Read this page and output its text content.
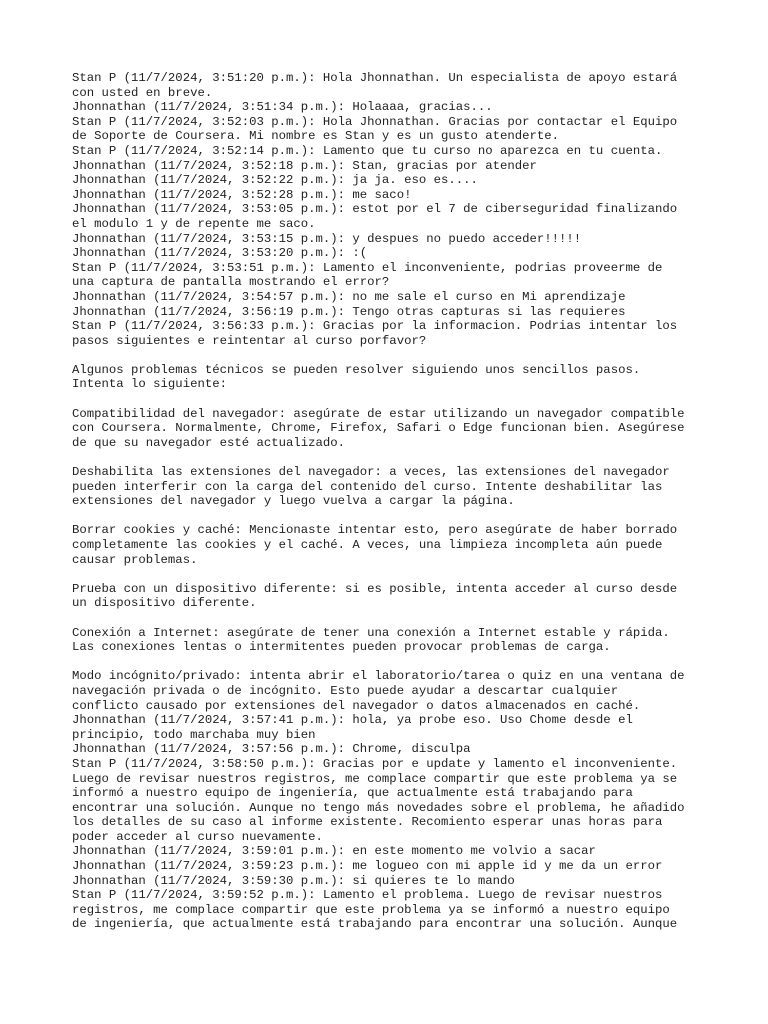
Stan P (11/7/2024, 3:51:20 p.m.): Hola Jhonnathan. Un especialista de apoyo estará
con usted en breve.
Jhonnathan (11/7/2024, 3:51:34 p.m.): Holaaaa, gracias...
Stan P (11/7/2024, 3:52:03 p.m.): Hola Jhonnathan. Gracias por contactar el Equipo
de Soporte de Coursera. Mi nombre es Stan y es un gusto atenderte.
Stan P (11/7/2024, 3:52:14 p.m.): Lamento que tu curso no aparezca en tu cuenta.
Jhonnathan (11/7/2024, 3:52:18 p.m.): Stan, gracias por atender
Jhonnathan (11/7/2024, 3:52:22 p.m.): ja ja. eso es....
Jhonnathan (11/7/2024, 3:52:28 p.m.): me saco!
Jhonnathan (11/7/2024, 3:53:05 p.m.): estot por el 7 de ciberseguridad finalizando
el modulo 1 y de repente me saco.
Jhonnathan (11/7/2024, 3:53:15 p.m.): y despues no puedo acceder!!!!!
Jhonnathan (11/7/2024, 3:53:20 p.m.): :(
Stan P (11/7/2024, 3:53:51 p.m.): Lamento el inconveniente, podrias proveerme de
una captura de pantalla mostrando el error?
Jhonnathan (11/7/2024, 3:54:57 p.m.): no me sale el curso en Mi aprendizaje
Jhonnathan (11/7/2024, 3:56:19 p.m.): Tengo otras capturas si las requieres
Stan P (11/7/2024, 3:56:33 p.m.): Gracias por la informacion. Podrias intentar los
pasos siguientes e reintentar al curso porfavor?
Algunos problemas técnicos se pueden resolver siguiendo unos sencillos pasos.
Intenta lo siguiente:
Compatibilidad del navegador: asegúrate de estar utilizando un navegador compatible
con Coursera. Normalmente, Chrome, Firefox, Safari o Edge funcionan bien. Asegúrese
de que su navegador esté actualizado.
Deshabilita las extensiones del navegador: a veces, las extensiones del navegador
pueden interferir con la carga del contenido del curso. Intente deshabilitar las
extensiones del navegador y luego vuelva a cargar la página.
Borrar cookies y caché: Mencionaste intentar esto, pero asegúrate de haber borrado
completamente las cookies y el caché. A veces, una limpieza incompleta aún puede
causar problemas.
Prueba con un dispositivo diferente: si es posible, intenta acceder al curso desde
un dispositivo diferente.
Conexión a Internet: asegúrate de tener una conexión a Internet estable y rápida.
Las conexiones lentas o intermitentes pueden provocar problemas de carga.
Modo incógnito/privado: intenta abrir el laboratorio/tarea o quiz en una ventana de
navegación privada o de incógnito. Esto puede ayudar a descartar cualquier
conflicto causado por extensiones del navegador o datos almacenados en caché.
Jhonnathan (11/7/2024, 3:57:41 p.m.): hola, ya probe eso. Uso Chome desde el
principio, todo marchaba muy bien
Jhonnathan (11/7/2024, 3:57:56 p.m.): Chrome, disculpa
Stan P (11/7/2024, 3:58:50 p.m.): Gracias por e update y lamento el inconveniente.
Luego de revisar nuestros registros, me complace compartir que este problema ya se
informó a nuestro equipo de ingeniería, que actualmente está trabajando para
encontrar una solución. Aunque no tengo más novedades sobre el problema, he añadido
los detalles de su caso al informe existente. Recomiento esperar unas horas para
poder acceder al curso nuevamente.
Jhonnathan (11/7/2024, 3:59:01 p.m.): en este momento me volvio a sacar
Jhonnathan (11/7/2024, 3:59:23 p.m.): me logueo con mi apple id y me da un error
Jhonnathan (11/7/2024, 3:59:30 p.m.): si quieres te lo mando
Stan P (11/7/2024, 3:59:52 p.m.): Lamento el problema. Luego de revisar nuestros
registros, me complace compartir que este problema ya se informó a nuestro equipo
de ingeniería, que actualmente está trabajando para encontrar una solución. Aunque
